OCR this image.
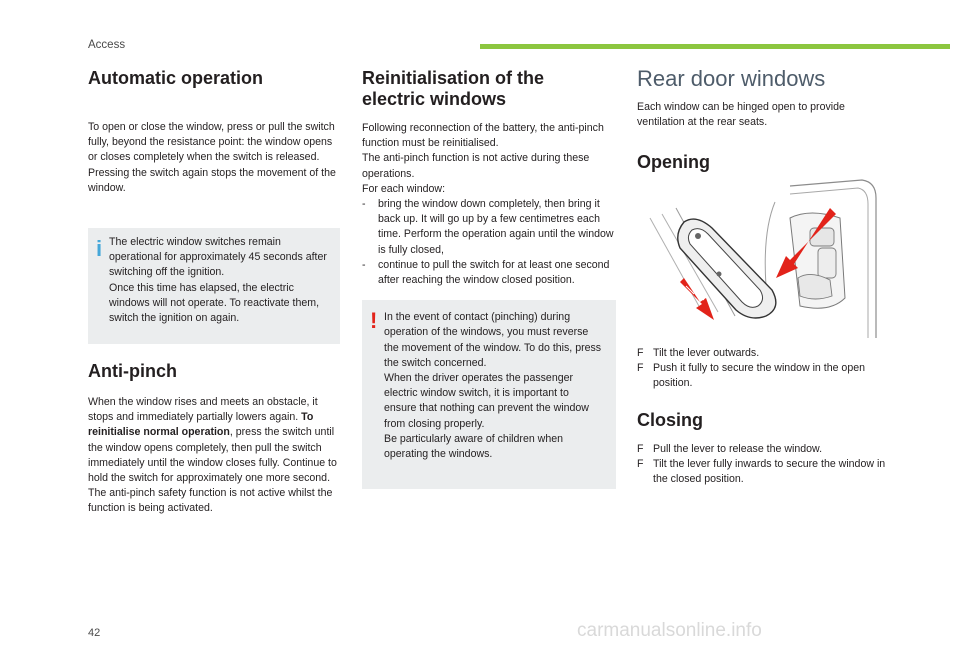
Access
Automatic operation

To open or close the window, press or pull the switch fully, beyond the resistance point: the window opens or closes completely when the switch is released. Pressing the switch again stops the movement of the window.

i The electric window switches remain operational for approximately 45 seconds after switching off the ignition.

Once this time has elapsed, the electric windows will not operate. To reactivate them, switch the ignition on again.

Anti-pinch

When the window rises and meets an obstacle, it stops and immediately partially lowers again. To reinitialise normal operation, press the switch until the window opens completely, then pull the switch immediately until the window closes fully. Continue to hold the switch for approximately one more second.

The anti-pinch safety function is not active whilst the function is being activated.

Reinitialisation of the
electric windows

Following reconnection of the battery, the anti-pinch function must be reinitialised.

The anti-pinch function is not active during these operations.

For each window:

-	bring the window down completely, then bring it back up. It will go up by a few centimetres each time. Perform the operation again until the window is fully closed,
-	continue to pull the switch for at least one second after reaching the window closed position.
! In the event of contact (pinching) during operation of the windows, you must reverse the movement of the window. To do this, press the switch concerned.

When the driver operates the passenger electric window switch, it is important to ensure that nothing can prevent the window from closing properly.

Be particularly aware of children when operating the windows.

Rear door windows

Each window can be hinged open to provide ventilation at the rear seats.

Opening
F Tilt the lever outwards.
F Push it fully to secure the window in the open position.
Closing
F Pull the lever to release the window.
F Tilt the lever fully inwards to secure the window in the closed position.
42	carmanualsonline.info
